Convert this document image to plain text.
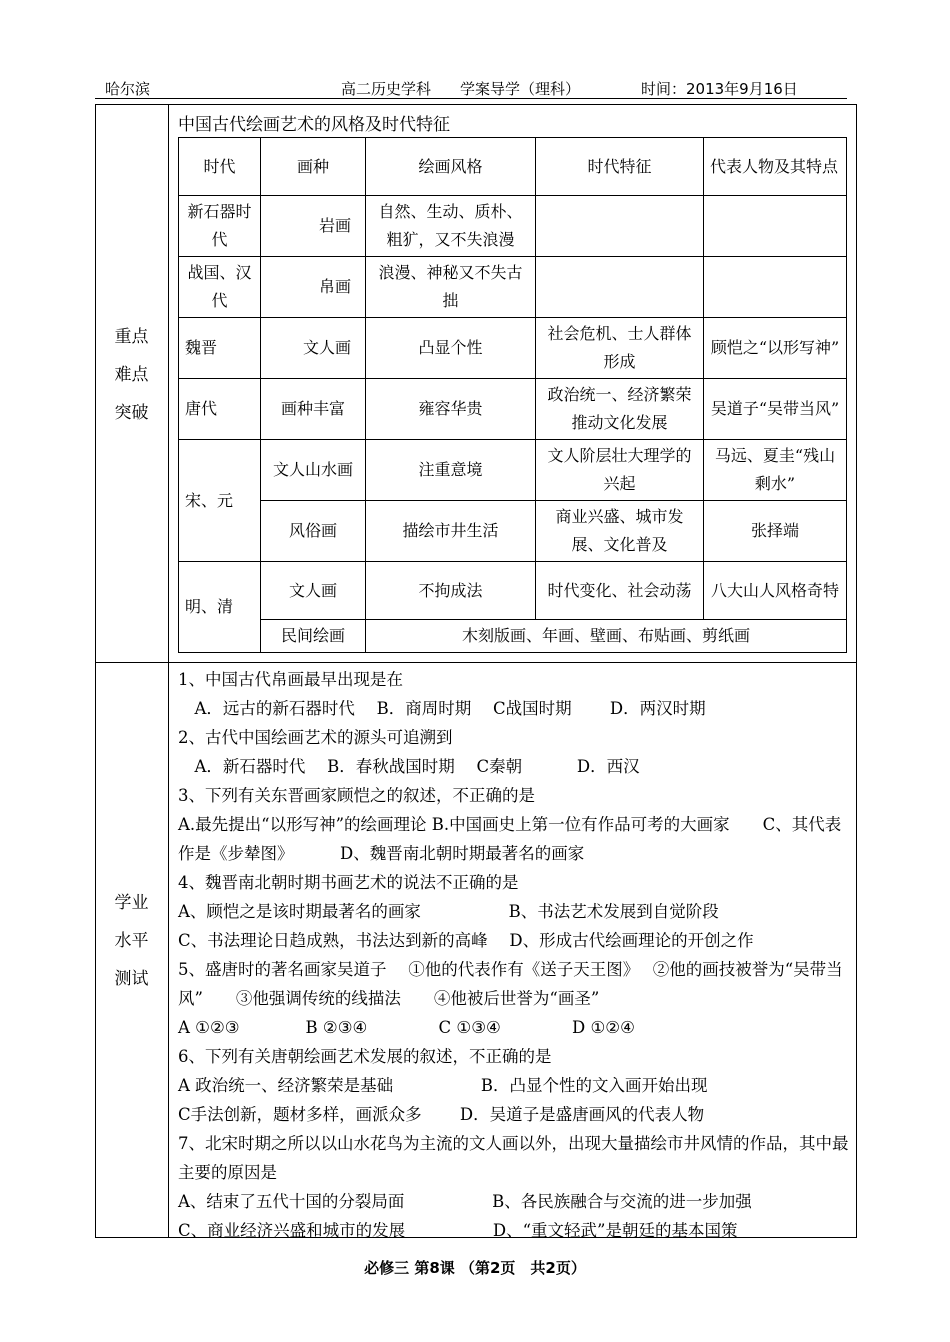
哈尔滨	高二历史学科 学案导学（理科）	时间：2013年9月16日
重点
难点
突破
中国古代绘画艺术的风格及时代特征
时代	画种	绘画风格	时代特征	代表人物及其特点
新石器时代	岩画	自然、生动、质朴、粗犷，又不失浪漫		
战国、汉代	帛画	浪漫、神秘又不失古拙		
魏晋	文人画	凸显个性	社会危机、士人群体形成	顾恺之“以形写神”
唐代	画种丰富	雍容华贵	政治统一、经济繁荣推动文化发展	吴道子“吴带当风”
宋、元	文人山水画	注重意境	文人阶层壮大理学的兴起	马远、夏圭“残山剩水”
	风俗画	描绘市井生活	商业兴盛、城市发展、文化普及	张择端
明、清	文人画	不拘成法	时代变化、社会动荡	八大山人风格奇特
	民间绘画	木刻版画、年画、壁画、布贴画、剪纸画		
学业
水平
测试
1、中国古代帛画最早出现是在
　A．远古的新石器时代　 B．商周时期　 C战国时期　　 D．两汉时期
2、古代中国绘画艺术的源头可追溯到
　A．新石器时代　 B．春秋战国时期　 C秦朝　　　 D．西汉
3、下列有关东晋画家顾恺之的叙述，不正确的是
A.最先提出“以形写神”的绘画理论 B.中国画史上第一位有作品可考的大画家　　C、其代表作是《步辇图》　　　 D、魏晋南北朝时期最著名的画家
4、魏晋南北朝时期书画艺术的说法不正确的是
A、顾恺之是该时期最著名的画家　　　　　 B、书法艺术发展到自觉阶段
C、书法理论日趋成熟，书法达到新的高峰　 D、形成古代绘画理论的开创之作
5、盛唐时的著名画家吴道子　 ①他的代表作有《送子天王图》　 ②他的画技被誉为“吴带当风”　　③他强调传统的线描法　　④他被后世誉为“画圣”
A ①②③　　　　B ②③④　　　　 C ①③④　　　　 D ①②④
6、下列有关唐朝绘画艺术发展的叙述，不正确的是
A 政治统一、经济繁荣是基础　　　　　 B．凸显个性的文入画开始出现
C手法创新，题材多样，画派众多　　 D．吴道子是盛唐画风的代表人物
7、北宋时期之所以以山水花鸟为主流的文人画以外，出现大量描绘市井风情的作品，其中最主要的原因是
A、结束了五代十国的分裂局面　　　　　 B、各民族融合与交流的进一步加强
C、商业经济兴盛和城市的发展　　　　　 D、“重文轻武”是朝廷的基本国策
必修三 第8课 （第2页　共2页）
